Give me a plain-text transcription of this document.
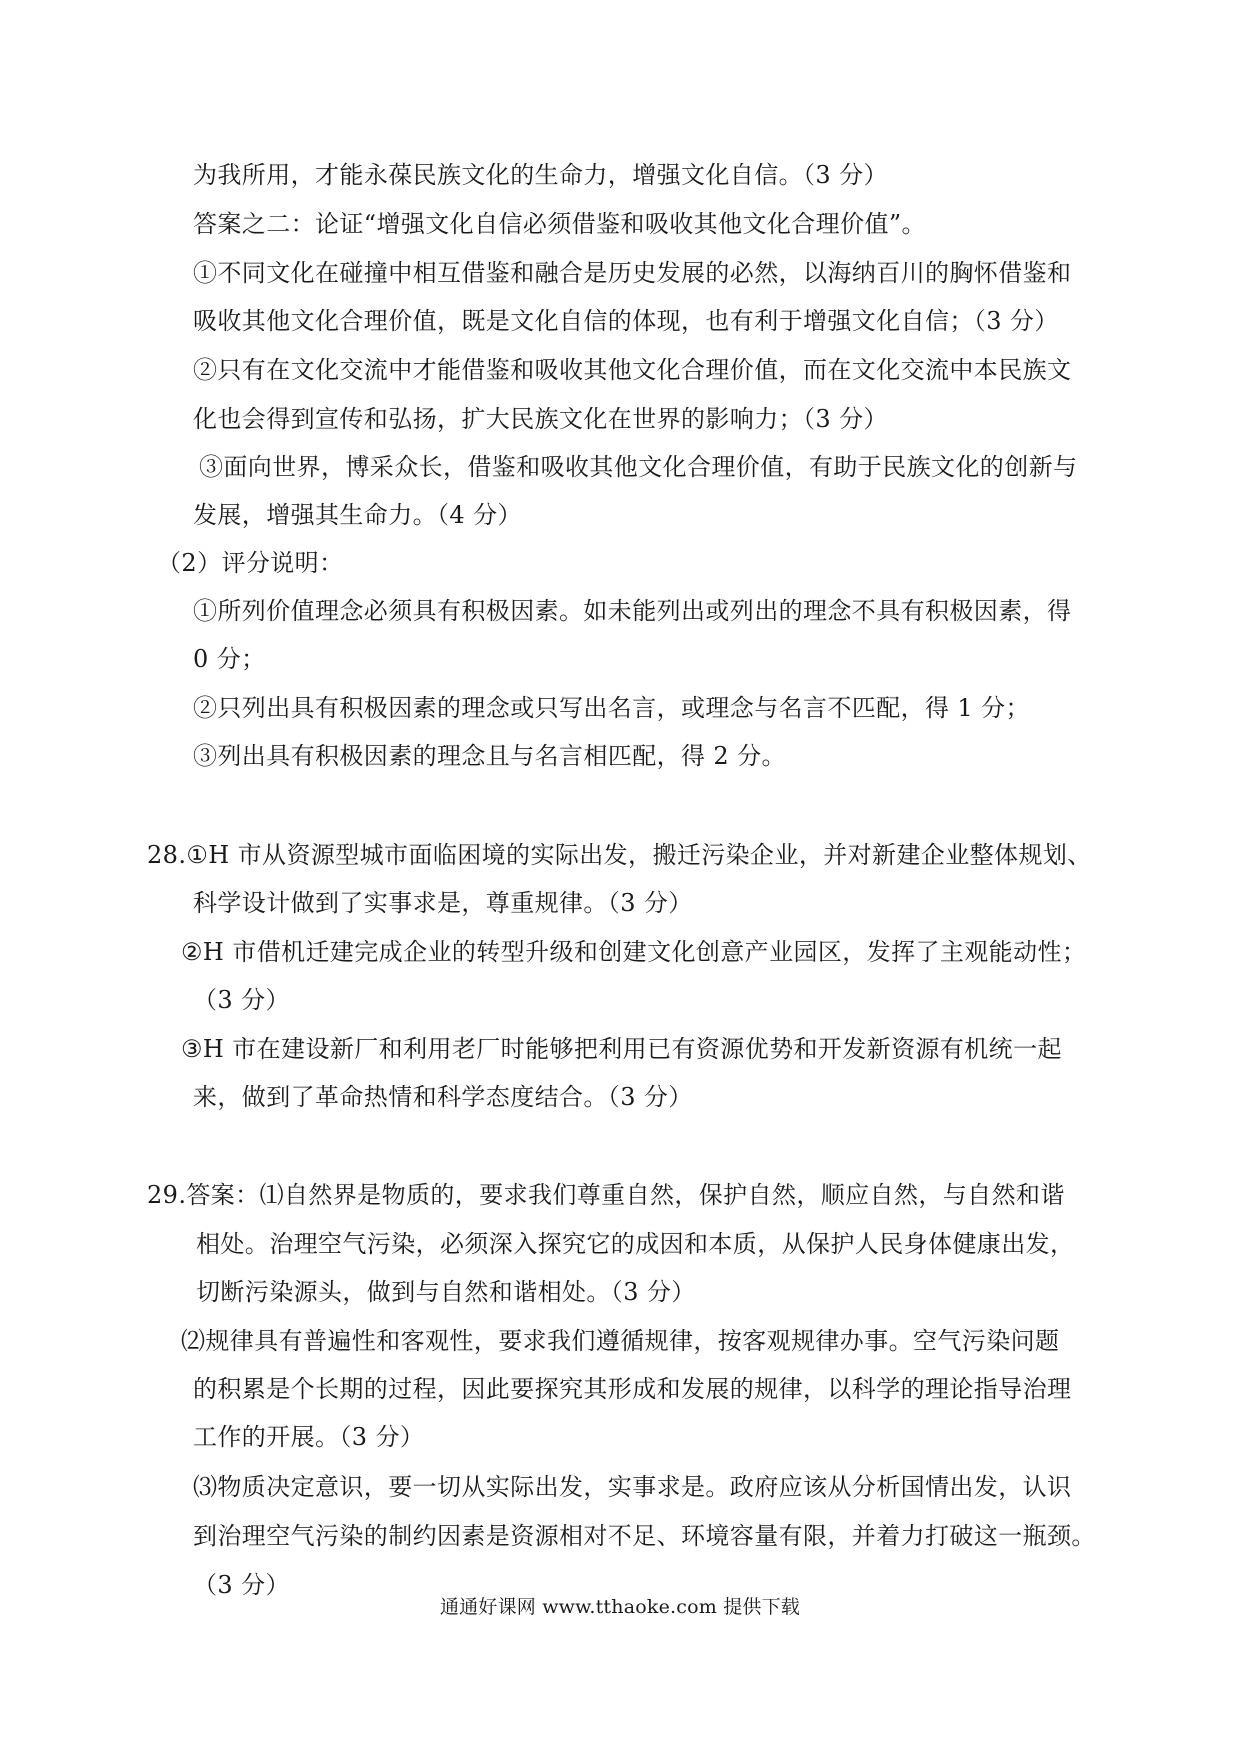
为我所用，才能永葆民族文化的生命力，增强文化自信。（3 分）
答案之二：论证“增强文化自信必须借鉴和吸收其他文化合理价值”。
①不同文化在碰撞中相互借鉴和融合是历史发展的必然，以海纳百川的胸怀借鉴和
吸收其他文化合理价值，既是文化自信的体现，也有利于增强文化自信；（3 分）
②只有在文化交流中才能借鉴和吸收其他文化合理价值，而在文化交流中本民族文
化也会得到宣传和弘扬，扩大民族文化在世界的影响力；（3 分）
③面向世界，博采众长，借鉴和吸收其他文化合理价值，有助于民族文化的创新与
发展，增强其生命力。（4 分）
（2）评分说明：
①所列价值理念必须具有积极因素。如未能列出或列出的理念不具有积极因素，得
0 分；
②只列出具有积极因素的理念或只写出名言，或理念与名言不匹配，得 1 分；
③列出具有积极因素的理念且与名言相匹配，得 2 分。
28.①H 市从资源型城市面临困境的实际出发，搬迁污染企业，并对新建企业整体规划、
科学设计做到了实事求是，尊重规律。（3 分）
②H 市借机迁建完成企业的转型升级和创建文化创意产业园区，发挥了主观能动性；
（3 分）
③H 市在建设新厂和利用老厂时能够把利用已有资源优势和开发新资源有机统一起
来，做到了革命热情和科学态度结合。（3 分）
29.答案：⑴自然界是物质的，要求我们尊重自然，保护自然，顺应自然，与自然和谐
相处。治理空气污染，必须深入探究它的成因和本质，从保护人民身体健康出发，
切断污染源头，做到与自然和谐相处。（3 分）
⑵规律具有普遍性和客观性，要求我们遵循规律，按客观规律办事。空气污染问题
的积累是个长期的过程，因此要探究其形成和发展的规律，以科学的理论指导治理
工作的开展。（3 分）
⑶物质决定意识，要一切从实际出发，实事求是。政府应该从分析国情出发，认识
到治理空气污染的制约因素是资源相对不足、环境容量有限，并着力打破这一瓶颈。
（3 分）
通通好课网 www.tthaoke.com 提供下载
